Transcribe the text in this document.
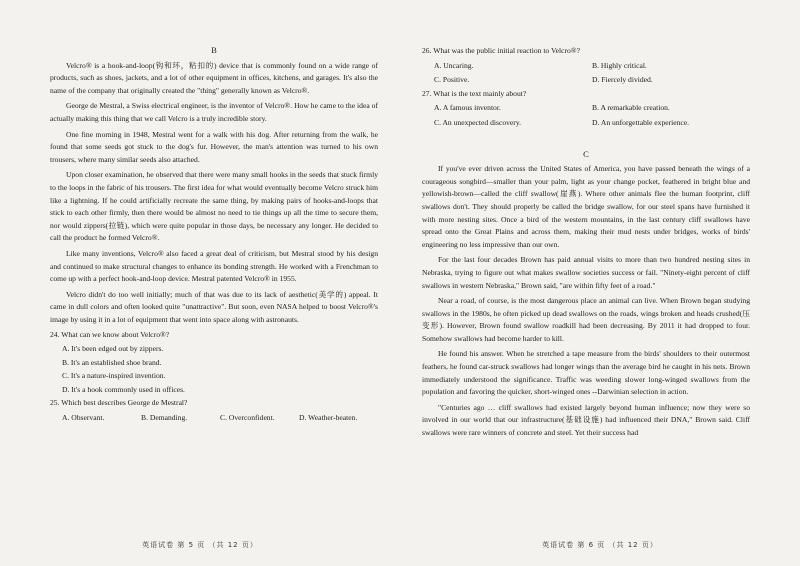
B

Velcro® is a hook-and-loop(钩和环，粘扣的) device that is commonly found on a wide range of products, such as shoes, jackets, and a lot of other equipment in offices, kitchens, and garages. It's also the name of the company that originally created the "thing" generally known as Velcro®.

George de Mestral, a Swiss electrical engineer, is the inventor of Velcro®. How he came to the idea of actually making this thing that we call Velcro is a truly incredible story.

One fine morning in 1948, Mestral went for a walk with his dog. After returning from the walk, he found that some seeds got stuck to the dog's fur. However, the man's attention was turned to his own trousers, where many similar seeds also attached.

Upon closer examination, he observed that there were many small hooks in the seeds that stuck firmly to the loops in the fabric of his trousers. The first idea for what would eventually become Velcro struck him like a lightning. If he could artificially recreate the same thing, by making pairs of hooks-and-loops that stick to each other firmly, then there would be almost no need to tie things up all the time to secure them, nor would zippers(拉链), which were quite popular in those days, be necessary any longer. He decided to call the product he formed Velcro®.

Like many inventions, Velcro® also faced a great deal of criticism, but Mestral stood by his design and continued to make structural changes to enhance its bonding strength. He worked with a Frenchman to come up with a perfect hook-and-loop device. Mestral patented Velcro® in 1955.

Velcro didn't do too well initially; much of that was due to its lack of aesthetic(美学的) appeal. It came in dull colors and often looked quite "unattractive". But soon, even NASA helped to boost Velcro®'s image by using it in a lot of equipment that went into space along with astronauts.

24. What can we know about Velcro®?
A. It's been edged out by zippers.
B. It's an established shoe brand.
C. It's a nature-inspired invention.
D. It's a hook commonly used in offices.
25. Which best describes George de Mestral?
A. Observant.	B. Demanding.	C. Overconfident.	D. Weather-beaten.
英语试卷 第 5 页 （共 12 页）
26. What was the public initial reaction to Velcro®?
A. Uncaring.	B. Highly critical.
C. Positive.	D. Fiercely divided.
27. What is the text mainly about?
A. A famous inventor.	B. A remarkable creation.
C. An unexpected discovery.	D. An unforgettable experience.
C

If you've ever driven across the United States of America, you have passed beneath the wings of a courageous songbird—smaller than your palm, light as your change pocket, feathered in bright blue and yellowish-brown—called the cliff swallow(崖燕). Where other animals flee the human footprint, cliff swallows don't. They should properly be called the bridge swallow, for our steel spans have furnished it with more nesting sites. Once a bird of the western mountains, in the last century cliff swallows have spread onto the Great Plains and across them, making their mud nests under bridges, works of birds' engineering no less impressive than our own.

For the last four decades Brown has paid annual visits to more than two hundred nesting sites in Nebraska, trying to figure out what makes swallow societies success or fail. "Ninety-eight percent of cliff swallows in western Nebraska," Brown said, "are within fifty feet of a road."

Near a road, of course, is the most dangerous place an animal can live. When Brown began studying swallows in the 1980s, he often picked up dead swallows on the roads, wings broken and heads crushed(压变形). However, Brown found swallow roadkill had been decreasing. By 2011 it had dropped to four. Somehow swallows had become harder to kill.

He found his answer. When he stretched a tape measure from the birds' shoulders to their outermost feathers, he found car-struck swallows had longer wings than the average bird he caught in his nets. Brown immediately understood the significance. Traffic was weeding slower long-winged swallows from the population and favoring the quicker, short-winged ones --Darwinian selection in action.

"Centuries ago … cliff swallows had existed largely beyond human influence; now they were so involved in our world that our infrastructure(基础设施) had influenced their DNA," Brown said. Cliff swallows were rare winners of concrete and steel. Yet their success had

英语试卷 第 6 页 （共 12 页）
